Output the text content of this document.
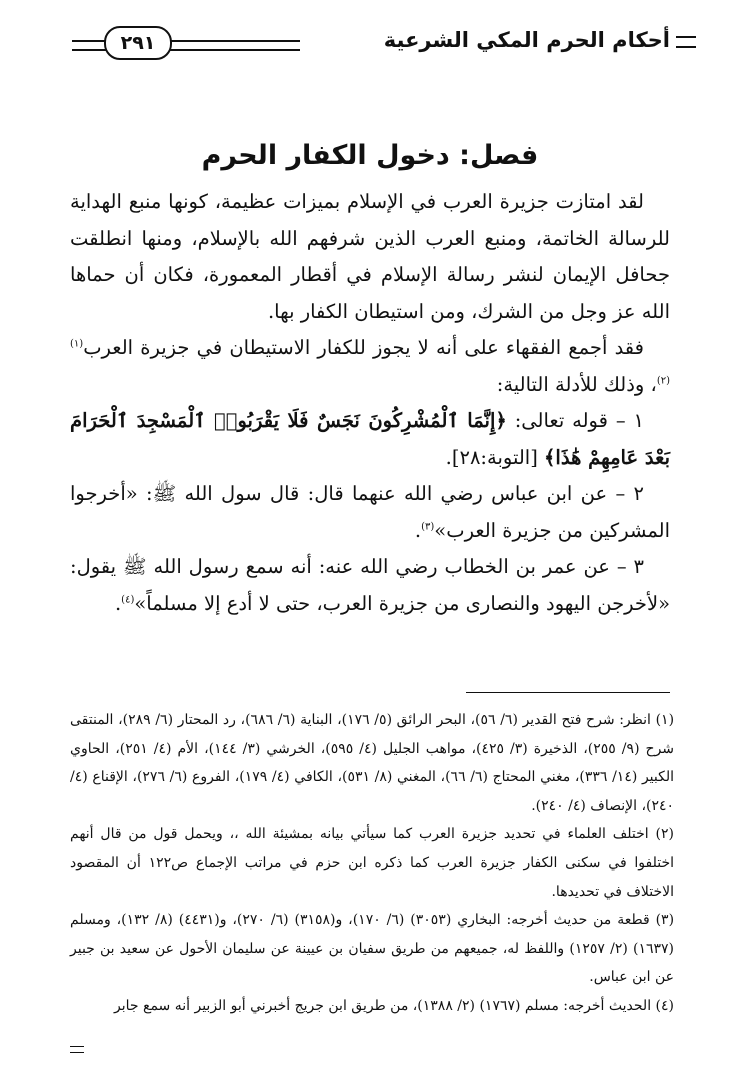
أحكام الحرم المكي الشرعية
٢٩١
فصل: دخول الكفار الحرم

لقد امتازت جزيرة العرب في الإسلام بميزات عظيمة، كونها منبع الهداية للرسالة الخاتمة، ومنبع العرب الذين شرفهم الله بالإسلام، ومنها انطلقت جحافل الإيمان لنشر رسالة الإسلام في أقطار المعمورة، فكان أن حماها الله عز وجل من الشرك، ومن استيطان الكفار بها.

فقد أجمع الفقهاء على أنه لا يجوز للكفار الاستيطان في جزيرة العرب$^{(١)(٢)}$، وذلك للأدلة التالية:

١ – قوله تعالى: ﴿إِنَّمَا ٱلْمُشْرِكُونَ نَجَسٌ فَلَا يَقْرَبُوا۟ ٱلْمَسْجِدَ ٱلْحَرَامَ بَعْدَ عَامِهِمْ هَٰذَا﴾ [التوبة:٢٨].

٢ – عن ابن عباس رضي الله عنهما قال: قال سول الله ﷺ: «أخرجوا المشركين من جزيرة العرب»$^{(٣)}$.

٣ – عن عمر بن الخطاب رضي الله عنه: أنه سمع رسول الله ﷺ يقول: «لأخرجن اليهود والنصارى من جزيرة العرب، حتى لا أدع إلا مسلماً»$^{(٤)}$.

(١) انظر: شرح فتح القدير (٦/ ٥٦)، البحر الرائق (٥/ ١٧٦)، البناية (٦/ ٦٨٦)، رد المحتار (٦/ ٢٨٩)، المنتقى شرح (٩/ ٢٥٥)، الذخيرة (٣/ ٤٢٥)، مواهب الجليل (٤/ ٥٩٥)، الخرشي (٣/ ١٤٤)، الأم (٤/ ٢٥١)، الحاوي الكبير (١٤/ ٣٣٦)، مغني المحتاج (٦/ ٦٦)، المغني (٨/ ٥٣١)، الكافي (٤/ ١٧٩)، الفروع (٦/ ٢٧٦)، الإقناع (٤/ ٢٤٠)، الإنصاف (٤/ ٢٤٠).

(٢) اختلف العلماء في تحديد جزيرة العرب كما سيأتي بيانه بمشيئة الله ،، ويحمل قول من قال أنهم اختلفوا في سكنى الكفار جزيرة العرب كما ذكره ابن حزم في مراتب الإجماع ص١٢٢ أن المقصود الاختلاف في تحديدها.

(٣) قطعة من حديث أخرجه: البخاري (٣٠٥٣) (٦/ ١٧٠)، و(٣١٥٨) (٦/ ٢٧٠)، و(٤٤٣١) (٨/ ١٣٢)، ومسلم (١٦٣٧) (٢/ ١٢٥٧) واللفظ له، جميعهم من طريق سفيان بن عيينة عن سليمان الأحول عن سعيد بن جبير عن ابن عباس.

(٤) الحديث أخرجه: مسلم (١٧٦٧) (٢/ ١٣٨٨)، من طريق ابن جريج أخبرني أبو الزبير أنه سمع جابر
